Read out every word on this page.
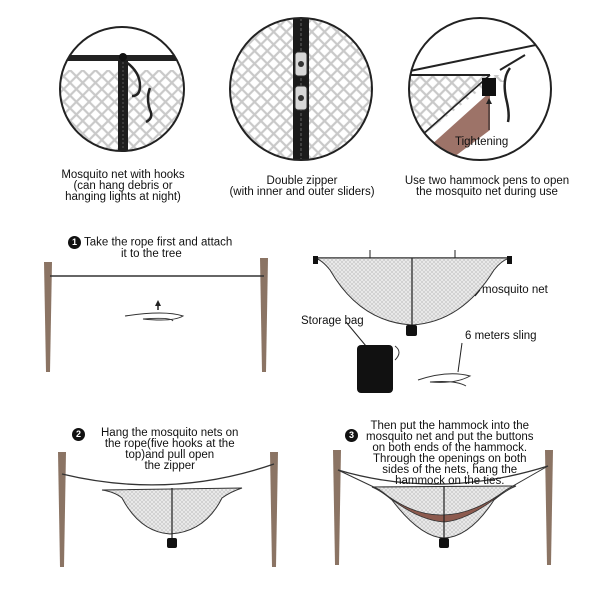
Mosquito net with hooks
(can hang debris or
hanging lights at night)
Double zipper
(with inner and outer sliders)
Use two hammock pens to open
the mosquito net during use
Tightening
1 Take the rope first and attach
it to the tree
mosquito net
Storage bag
6 meters sling
2	Hang the mosquito nets on
the rope(five hooks at the
top)and pull open
the zipper
3
Then put the hammock into the
mosquito net and put the buttons
on both ends of the hammock.
Through the openings on both
sides of the nets, hang the
hammock on the ties.
